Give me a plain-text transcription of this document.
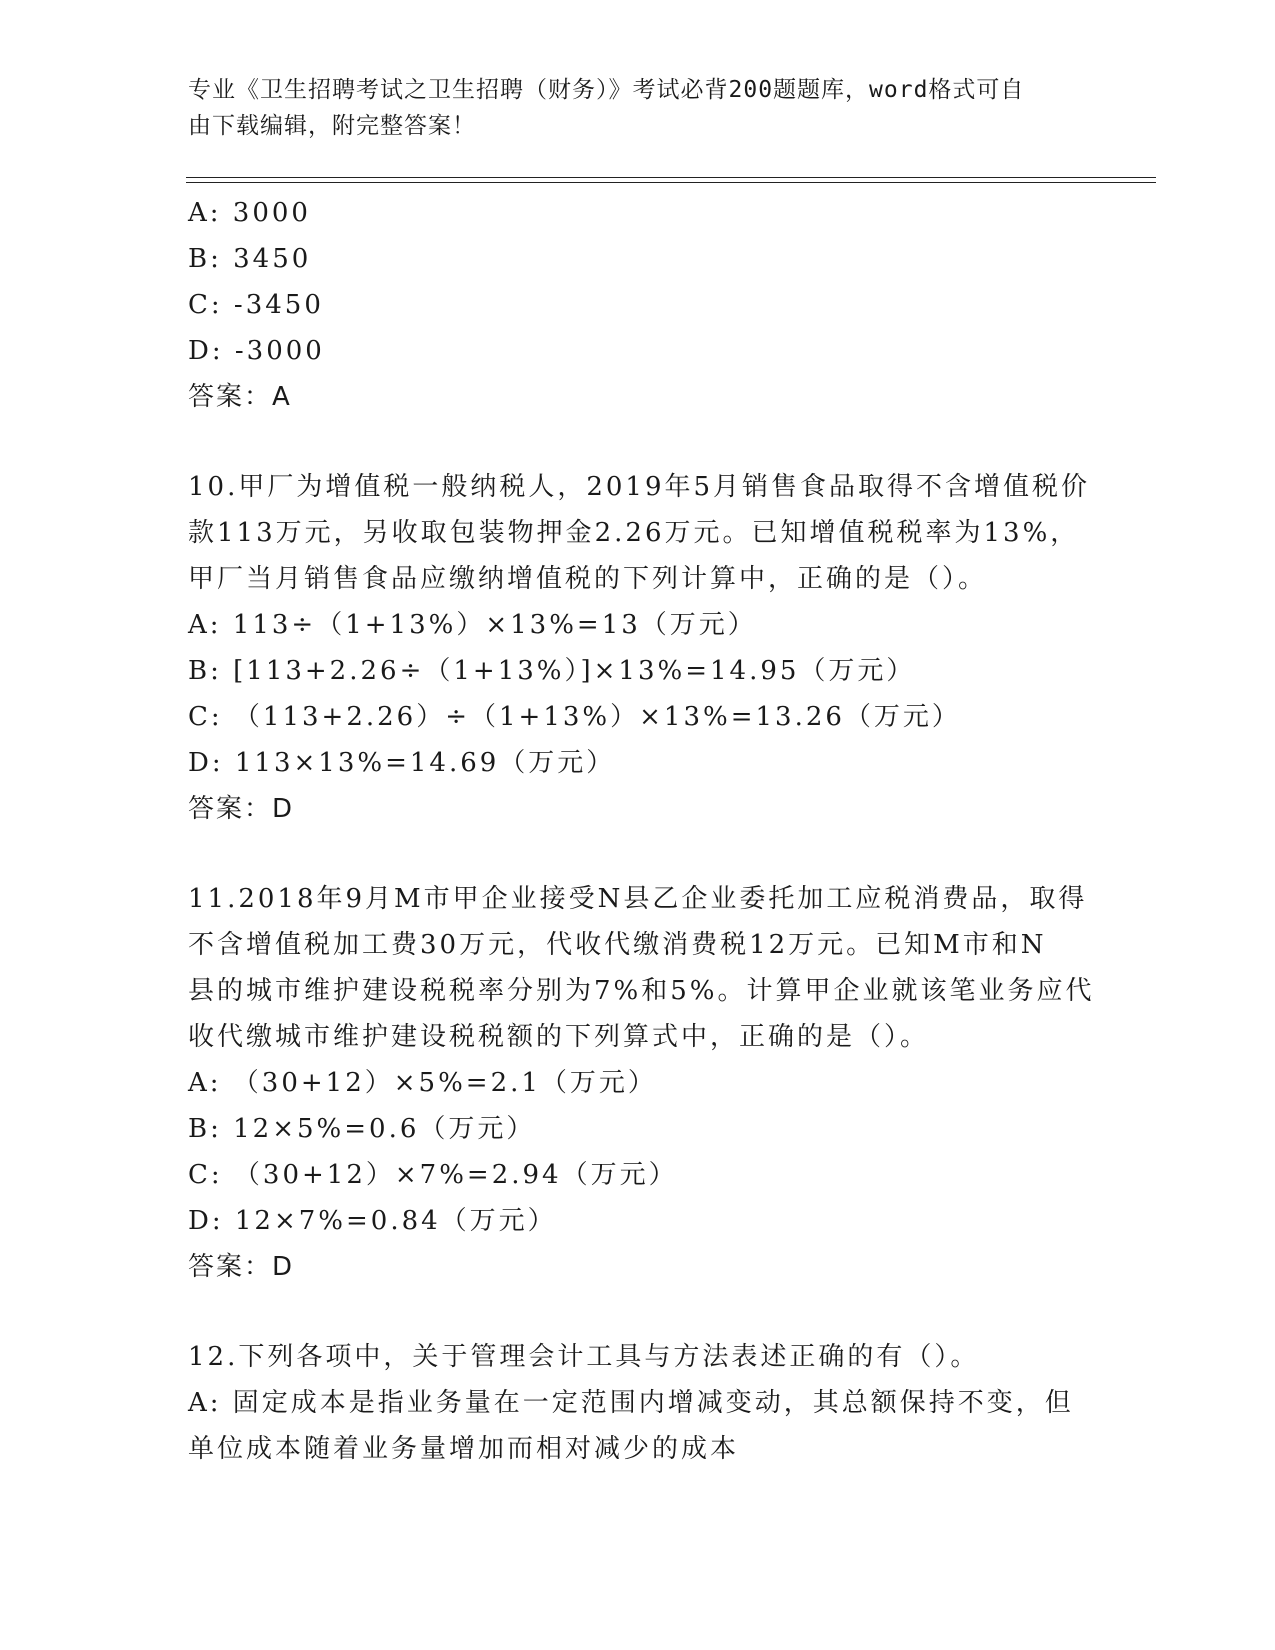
专业《卫生招聘考试之卫生招聘（财务）》考试必背200题题库，word格式可自
由下载编辑，附完整答案！
A: 3000
B: 3450
C: -3450
D: -3000
答案：A
10.甲厂为增值税一般纳税人，2019年5月销售食品取得不含增值税价
款113万元，另收取包装物押金2.26万元。已知增值税税率为13%，
甲厂当月销售食品应缴纳增值税的下列计算中，正确的是（）。
A: 113÷（1+13%）×13%=13（万元）
B: [113+2.26÷（1+13%）]×13%=14.95（万元）
C: （113+2.26）÷（1+13%）×13%=13.26（万元）
D: 113×13%=14.69（万元）
答案：D
11.2018年9月M市甲企业接受N县乙企业委托加工应税消费品，取得
不含增值税加工费30万元，代收代缴消费税12万元。已知M市和N
县的城市维护建设税税率分别为7%和5%。计算甲企业就该笔业务应代
收代缴城市维护建设税税额的下列算式中，正确的是（）。
A: （30+12）×5%=2.1（万元）
B: 12×5%=0.6（万元）
C: （30+12）×7%=2.94（万元）
D: 12×7%=0.84（万元）
答案：D
12.下列各项中，关于管理会计工具与方法表述正确的有（）。
A: 固定成本是指业务量在一定范围内增减变动，其总额保持不变，但
单位成本随着业务量增加而相对减少的成本
